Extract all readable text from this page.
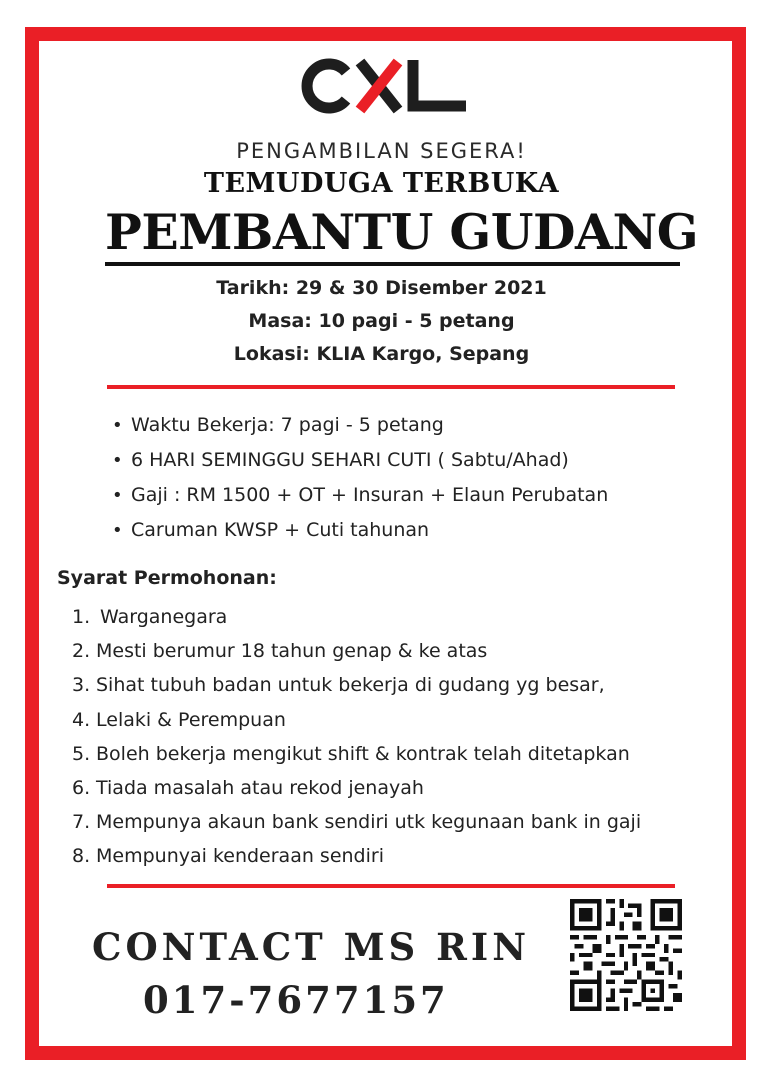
PENGAMBILAN SEGERA!
TEMUDUGA TERBUKA
PEMBANTU GUDANG
Tarikh: 29 & 30 Disember 2021
Masa: 10 pagi - 5 petang
Lokasi: KLIA Kargo, Sepang
• Waktu Bekerja: 7 pagi - 5 petang
• 6 HARI SEMINGGU SEHARI CUTI ( Sabtu/Ahad)
• Gaji : RM 1500 + OT + Insuran + Elaun Perubatan
• Caruman KWSP + Cuti tahunan
Syarat Permohonan:
1. Warganegara
2. Mesti berumur 18 tahun genap & ke atas
3. Sihat tubuh badan untuk bekerja di gudang yg besar,
4. Lelaki & Perempuan
5. Boleh bekerja mengikut shift & kontrak telah ditetapkan
6. Tiada masalah atau rekod jenayah
7. Mempunya akaun bank sendiri utk kegunaan bank in gaji
8. Mempunyai kenderaan sendiri
CONTACT MS RIN
017-7677157
